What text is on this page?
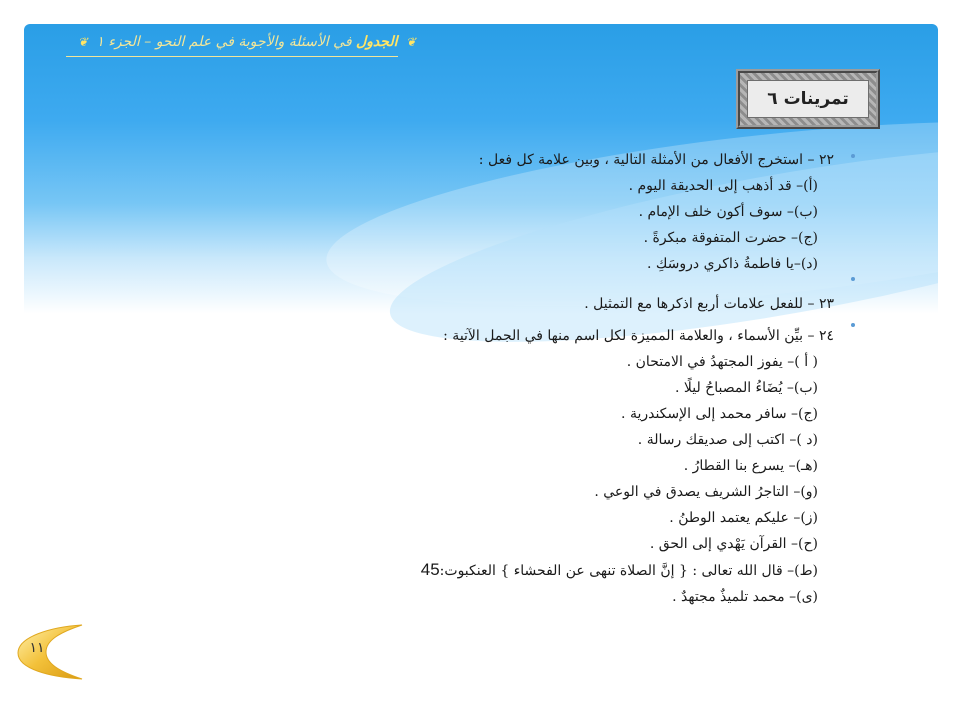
❦ الجدول في الأسئلة والأجوبة في علم النحو – الجزء ١ ❦
تمرينات ٦
٢٢ – استخرج الأفعال من الأمثلة التالية ، وبين علامة كل فعل :
(أ)– قد أذهب إلى الحديقة اليوم .
(ب)– سوف أكون خلف الإمام .
(ج)– حضرت المتفوقة مبكرةً .
(د)–يا فاطمةُ ذاكري دروسَكِ .
٢٣ – للفعل علامات أربع اذكرها مع التمثيل .
٢٤ – بيِّن الأسماء ، والعلامة المميزة لكل اسم منها في الجمل الآتية :
( أ )– يفوز المجتهدُ في الامتحان .
(ب)– يُضَاءُ المصباحُ ليلًا .
(ج)– سافر محمد إلى الإسكندرية .
(د )– اكتب إلى صديقك رسالة .
(هـ)– يسرع بنا القطارُ .
(و)– التاجرُ الشريف يصدق في الوعي .
(ز)– عليكم يعتمد الوطنُ .
(ح)– القرآن يَهْدي إلى الحق .
(ط)– قال الله تعالى : { إنَّ الصلاة تنهى عن الفحشاء } العنكبوت:45
(ى)– محمد تلميذٌ مجتهدٌ .
١١
